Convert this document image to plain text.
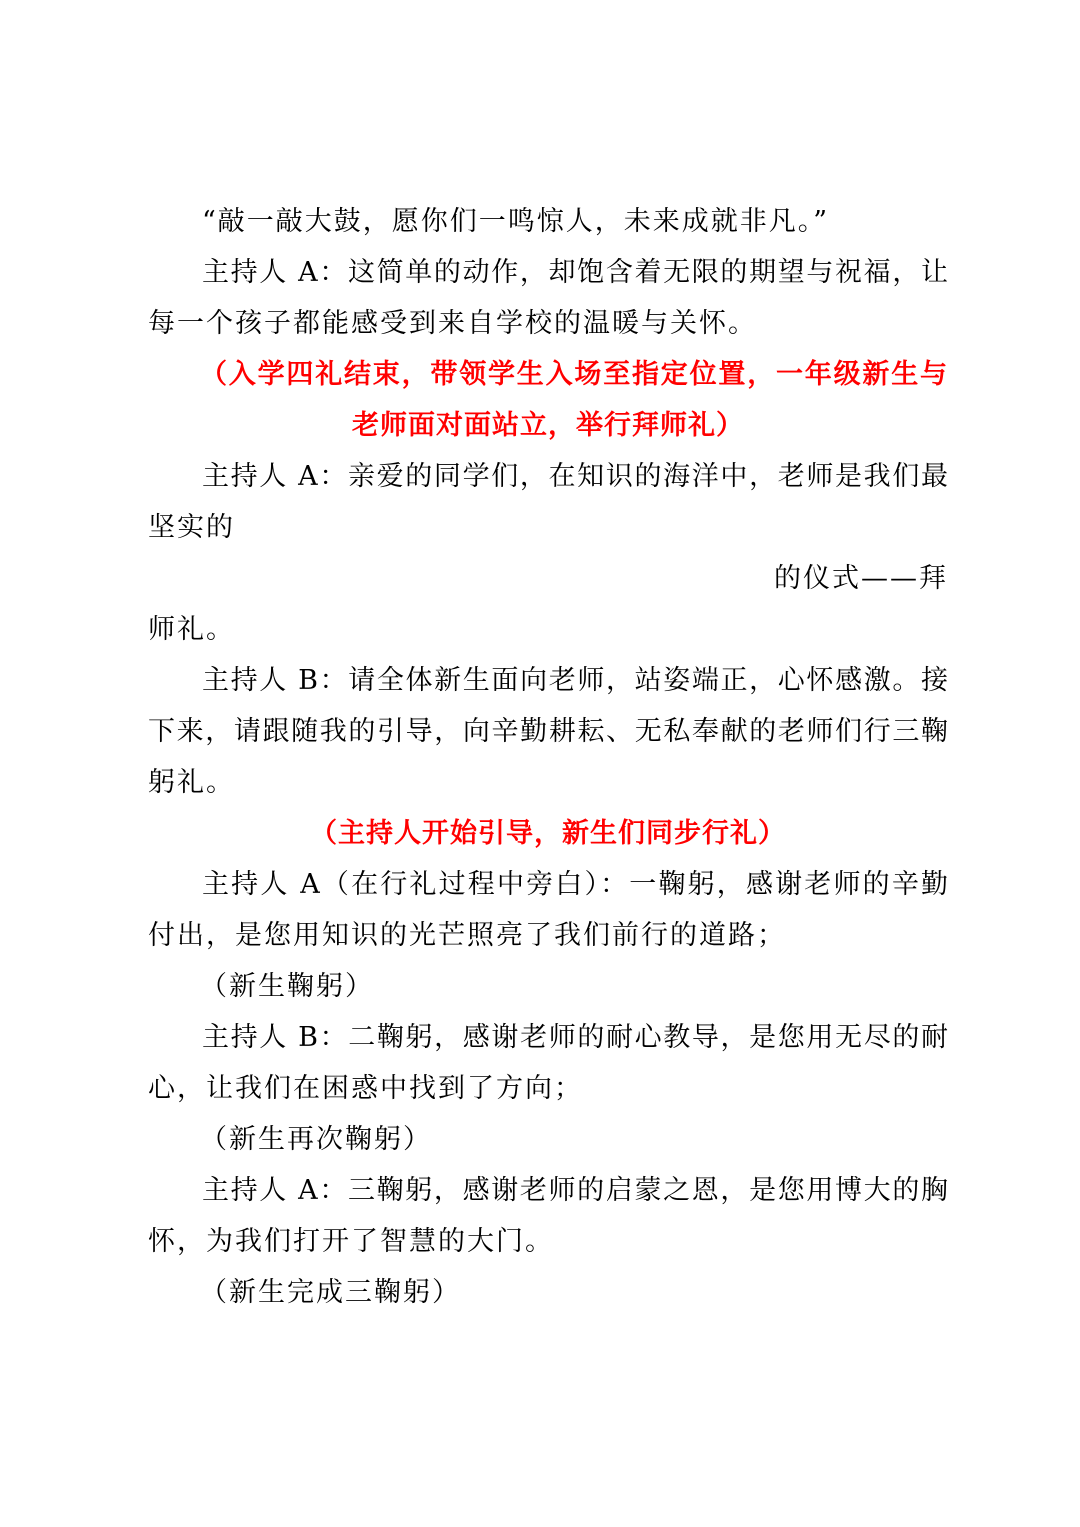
“敲一敲大鼓，愿你们一鸣惊人，未来成就非凡。”
主持人 A：这简单的动作，却饱含着无限的期望与祝福，让
每一个孩子都能感受到来自学校的温暖与关怀。
（入学四礼结束，带领学生入场至指定位置，一年级新生与
老师面对面站立，举行拜师礼）
主持人 A：亲爱的同学们，在知识的海洋中，老师是我们最
坚实的
的仪式——拜
师礼。
主持人 B：请全体新生面向老师，站姿端正，心怀感激。接
下来，请跟随我的引导，向辛勤耕耘、无私奉献的老师们行三鞠
躬礼。
（主持人开始引导，新生们同步行礼）
主持人 A（在行礼过程中旁白）：一鞠躬，感谢老师的辛勤
付出，是您用知识的光芒照亮了我们前行的道路；
（新生鞠躬）
主持人 B：二鞠躬，感谢老师的耐心教导，是您用无尽的耐
心，让我们在困惑中找到了方向；
（新生再次鞠躬）
主持人 A：三鞠躬，感谢老师的启蒙之恩，是您用博大的胸
怀，为我们打开了智慧的大门。
（新生完成三鞠躬）
